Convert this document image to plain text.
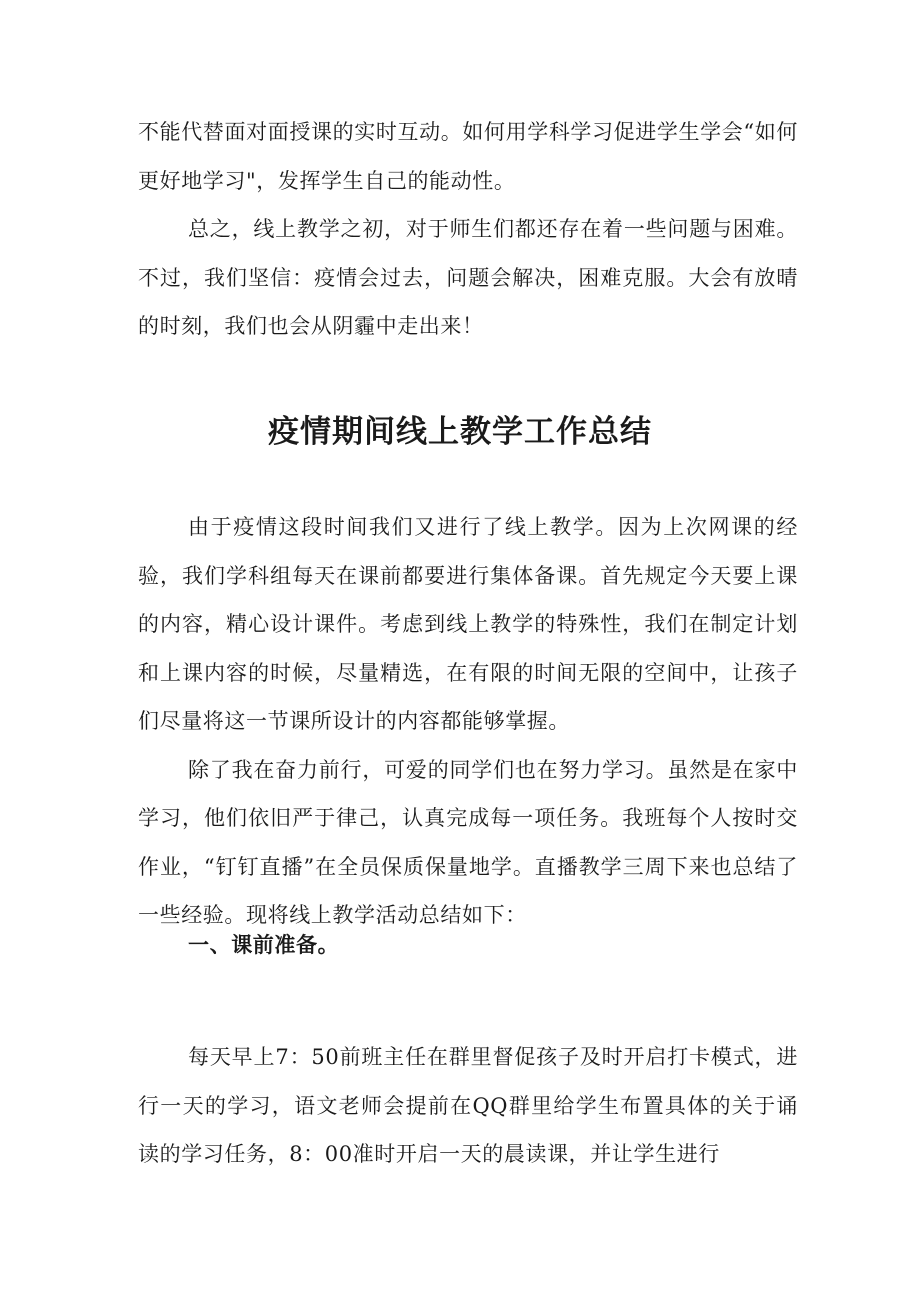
不能代替面对面授课的实时互动。如何用学科学习促进学生学会“如何更好地学习"，发挥学生自己的能动性。

总之，线上教学之初，对于师生们都还存在着一些问题与困难。不过，我们坚信：疫情会过去，问题会解决，困难克服。大会有放晴的时刻，我们也会从阴霾中走出来！

疫情期间线上教学工作总结

由于疫情这段时间我们又进行了线上教学。因为上次网课的经验，我们学科组每天在课前都要进行集体备课。首先规定今天要上课的内容，精心设计课件。考虑到线上教学的特殊性，我们在制定计划和上课内容的时候，尽量精选，在有限的时间无限的空间中，让孩子们尽量将这一节课所设计的内容都能够掌握。

除了我在奋力前行，可爱的同学们也在努力学习。虽然是在家中学习，他们依旧严于律己，认真完成每一项任务。我班每个人按时交作业，“钉钉直播”在全员保质保量地学。直播教学三周下来也总结了一些经验。现将线上教学活动总结如下：

一、课前准备。

每天早上7：50前班主任在群里督促孩子及时开启打卡模式，进行一天的学习，语文老师会提前在QQ群里给学生布置具体的关于诵读的学习任务，8：00准时开启一天的晨读课，并让学生进行
